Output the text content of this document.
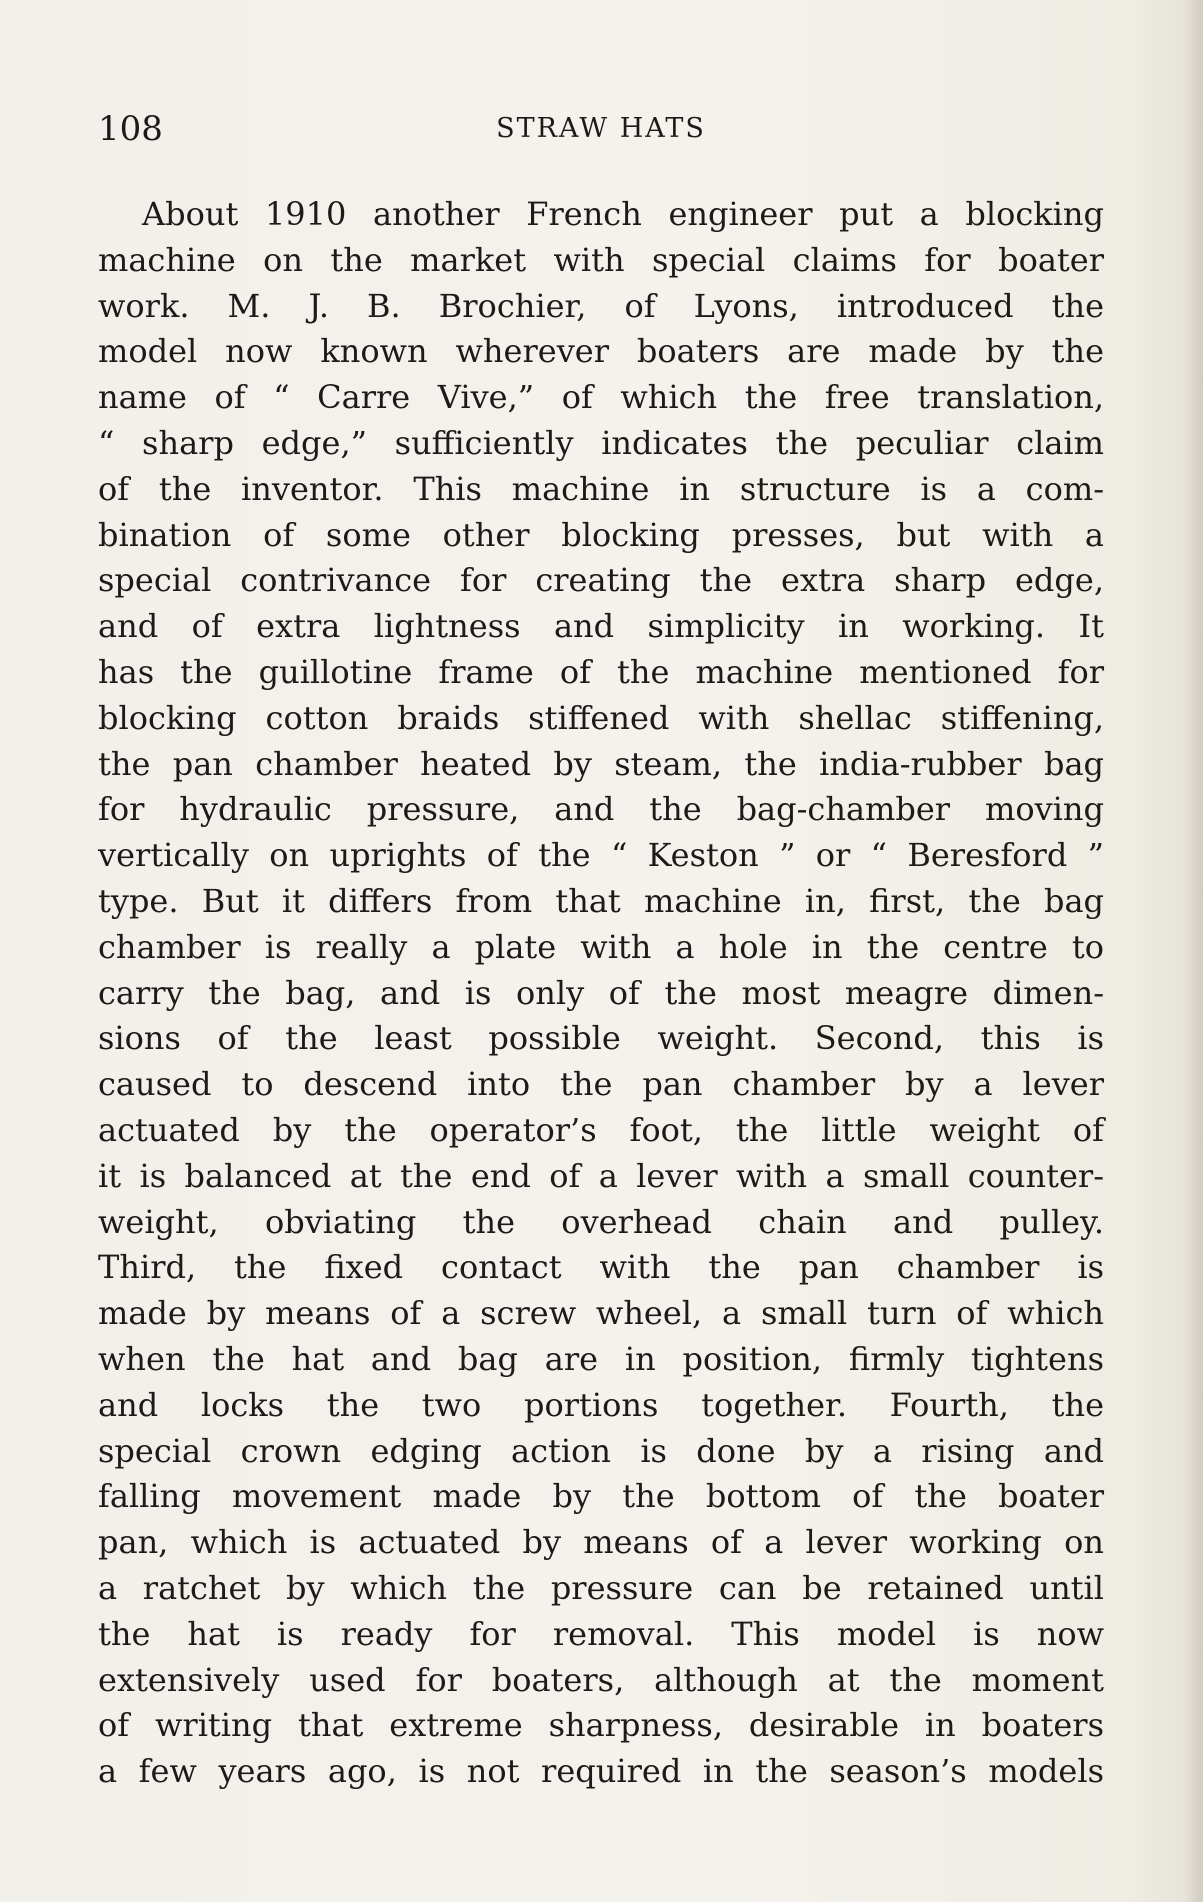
108	STRAW HATS
About 1910 another French engineer put a blocking
machine on the market with special claims for boater
work. M. J. B. Brochier, of Lyons, introduced the
model now known wherever boaters are made by the
name of “ Carre Vive,” of which the free translation,
“ sharp edge,” sufficiently indicates the peculiar claim
of the inventor. This machine in structure is a com-
bination of some other blocking presses, but with a
special contrivance for creating the extra sharp edge,
and of extra lightness and simplicity in working. It
has the guillotine frame of the machine mentioned for
blocking cotton braids stiffened with shellac stiffening,
the pan chamber heated by steam, the india-rubber bag
for hydraulic pressure, and the bag-chamber moving
vertically on uprights of the “ Keston ” or “ Beresford ”
type. But it differs from that machine in, first, the bag
chamber is really a plate with a hole in the centre to
carry the bag, and is only of the most meagre dimen-
sions of the least possible weight. Second, this is
caused to descend into the pan chamber by a lever
actuated by the operator’s foot, the little weight of
it is balanced at the end of a lever with a small counter-
weight, obviating the overhead chain and pulley.
Third, the fixed contact with the pan chamber is
made by means of a screw wheel, a small turn of which
when the hat and bag are in position, firmly tightens
and locks the two portions together. Fourth, the
special crown edging action is done by a rising and
falling movement made by the bottom of the boater
pan, which is actuated by means of a lever working on
a ratchet by which the pressure can be retained until
the hat is ready for removal. This model is now
extensively used for boaters, although at the moment
of writing that extreme sharpness, desirable in boaters
a few years ago, is not required in the season’s models
